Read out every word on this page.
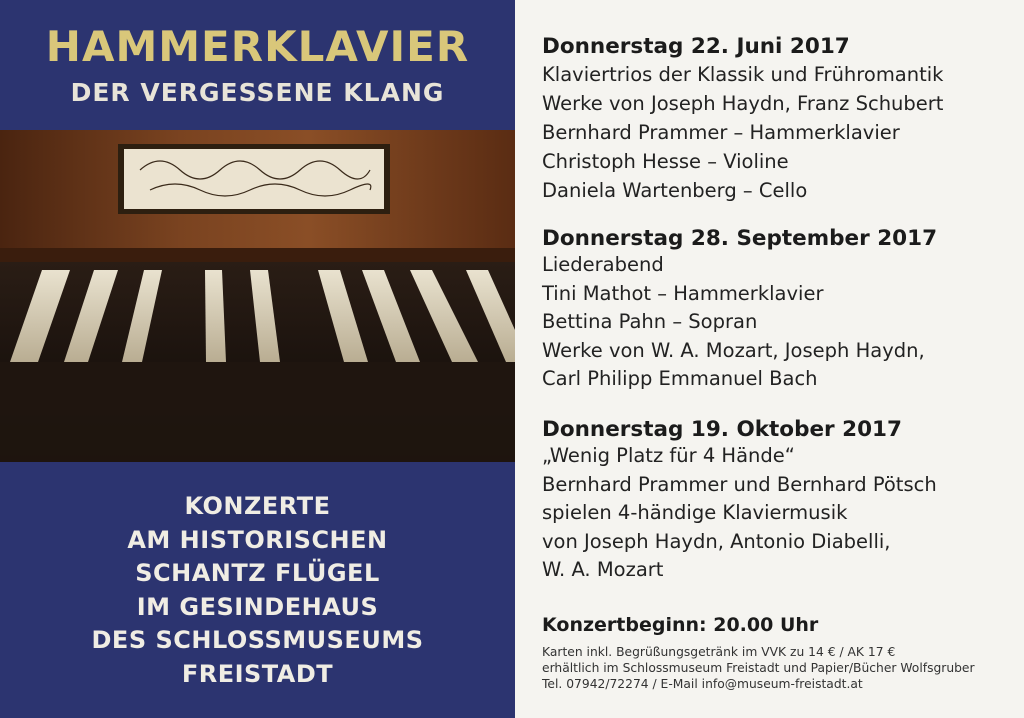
HAMMERKLAVIER
DER VERGESSENE KLANG
KONZERTE
AM HISTORISCHEN
SCHANTZ FLÜGEL
IM GESINDEHAUS
DES SCHLOSSMUSEUMS
FREISTADT
Donnerstag 22. Juni 2017
Klaviertrios der Klassik und Frühromantik
Werke von Joseph Haydn, Franz Schubert
Bernhard Prammer – Hammerklavier
Christoph Hesse – Violine
Daniela Wartenberg – Cello
Donnerstag 28. September 2017
Liederabend
Tini Mathot – Hammerklavier
Bettina Pahn – Sopran
Werke von W. A. Mozart, Joseph Haydn,
Carl Philipp Emmanuel Bach
Donnerstag 19. Oktober 2017
„Wenig Platz für 4 Hände“
Bernhard Prammer und Bernhard Pötsch
spielen 4-händige Klaviermusik
von Joseph Haydn, Antonio Diabelli,
W. A. Mozart
Konzertbeginn: 20.00 Uhr
Karten inkl. Begrüßungsgetränk im VVK zu 14 € / AK 17 €
erhältlich im Schlossmuseum Freistadt und Papier/Bücher Wolfsgruber
Tel. 07942/72274 / E-Mail info@museum-freistadt.at
